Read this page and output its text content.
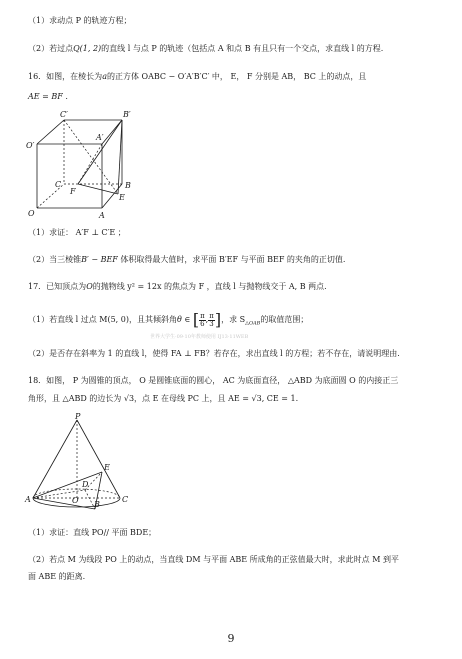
（1）求动点 P 的轨迹方程；
（2）若过点Q(1, 2)的直线 l 与点 P 的轨迹（包括点 A 和点 B 有且只有一个交点，求直线 l 的方程.
16．如图，在棱长为a的正方体 OABC − O′A′B′C′ 中， E， F 分别是 AB， BC 上的动点，且
AE = BF .
C′	B′
O′
A′
C
F
B
E
O	A
（1）求证： A′F ⊥ C′E ；
（2）当三棱锥B′ − BEF 体积取得最大值时，求平面 B′EF 与平面 BEF 的夹角的正切值.
17．已知顶点为O的抛物线 y² = 12x 的焦点为 F ，直线 l 与抛物线交于 A, B 两点.
（1）若直线 l 过点 M(5, 0)，且其倾斜角θ ∈ [ $\frac{\pi}{6}$ , $\frac{\pi}{3}$ ]，求 $S_{\triangle OAB}$的取值范围；
世界大学生·09·10年教师使用 IJ13·11WEB
（2）是否存在斜率为 1 的直线 l，使得 FA ⊥ FB？若存在，求出直线 l 的方程；若不存在，请说明理由.
18．如图， P 为圆锥的顶点， O 是圆锥底面的圆心， AC 为底面直径， △ABD 为底面圆 O 的内接正三
角形，且 △ABD 的边长为 √3，点 E 在母线 PC 上，且 AE = √3, CE = 1.
P
E
D
A	O B
C
（1）求证：直线 PO// 平面 BDE；
（2）若点 M 为线段 PO 上的动点，当直线 DM 与平面 ABE 所成角的正弦值最大时，求此时点 M 到平
面 ABE 的距离.
9
